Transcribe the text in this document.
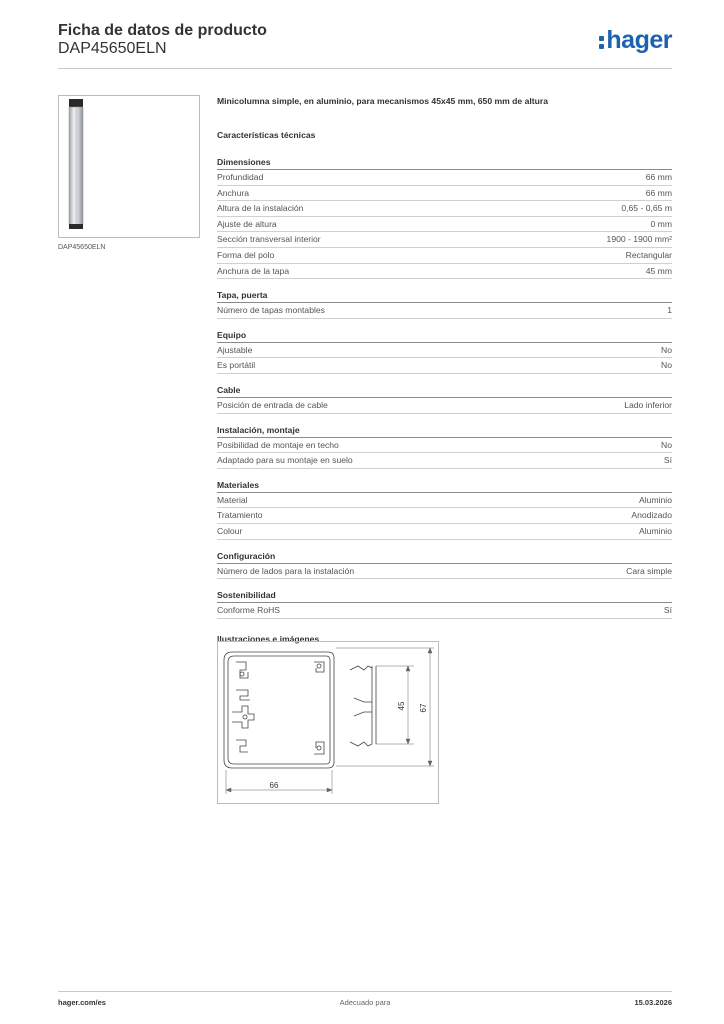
Ficha de datos de producto
DAP45650ELN	hager
DAP45650ELN
Minicolumna simple, en aluminio, para mecanismos 45x45 mm, 650 mm de altura
Características técnicas
Dimensiones
Profundidad	66 mm
Anchura	66 mm
Altura de la instalación	0,65 - 0,65 m
Ajuste de altura	0 mm
Sección transversal interior	1900 - 1900 mm²
Forma del polo	Rectangular
Anchura de la tapa	45 mm
Tapa, puerta
Número de tapas montables	1
Equipo
Ajustable	No
Es portátil	No
Cable
Posición de entrada de cable	Lado inferior
Instalación, montaje
Posibilidad de montaje en techo	No
Adaptado para su montaje en suelo	Sí
Materiales
Material	Aluminio
Tratamiento	Anodizado
Colour	Aluminio
Configuración
Número de lados para la instalación	Cara simple
Sostenibilidad
Conforme RoHS	Sí
Ilustraciones e imágenes
66
45 67
hager.com/es	Adecuado para	15.03.2026
